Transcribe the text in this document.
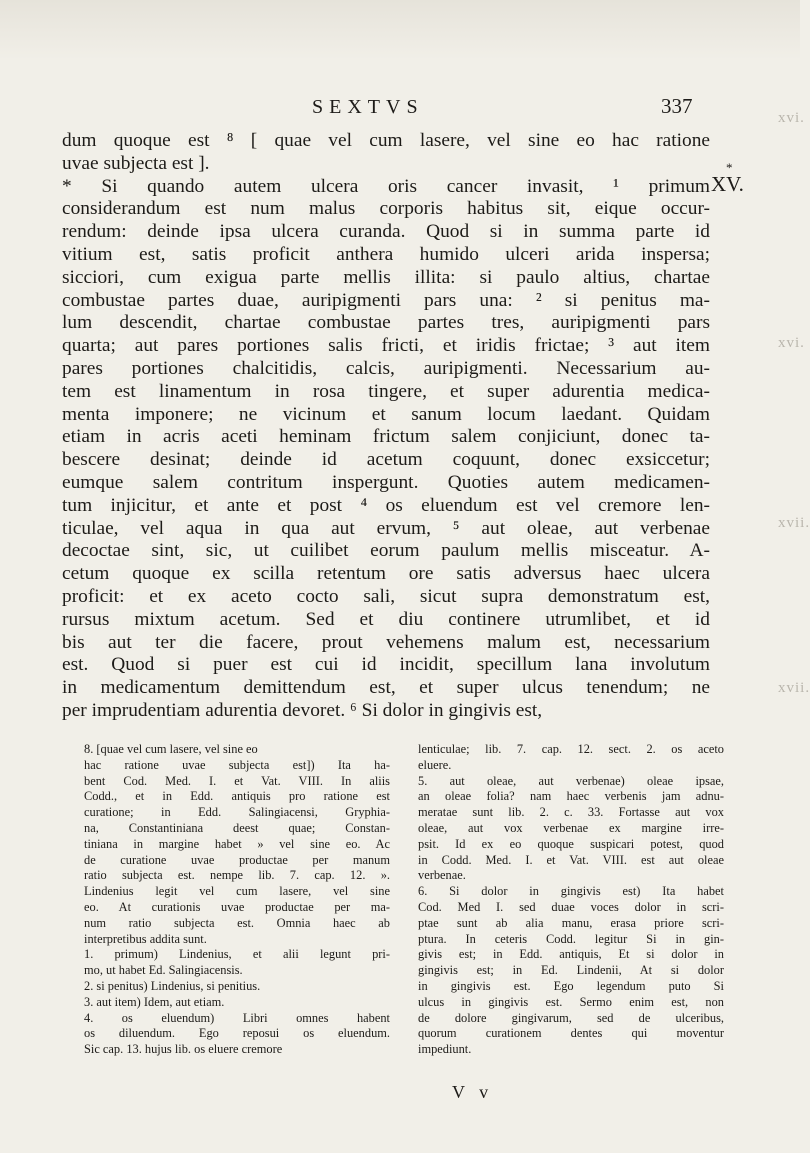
xvi.
xvi.
xvii.
xvii.
SEXTVS	337
*
XV.
dum quoque est ⁸ [ quae vel cum lasere, vel sine eo hac ratione
uvae subjecta est ].
* Si quando autem ulcera oris cancer invasit, ¹ primum
considerandum est num malus corporis habitus sit, eique occur-
rendum: deinde ipsa ulcera curanda. Quod si in summa parte id
vitium est, satis proficit anthera humido ulceri arida inspersa;
sicciori, cum exigua parte mellis illita: si paulo altius, chartae
combustae partes duae, auripigmenti pars una: ² si penitus ma-
lum descendit, chartae combustae partes tres, auripigmenti pars
quarta; aut pares portiones salis fricti, et iridis frictae; ³ aut item
pares portiones chalcitidis, calcis, auripigmenti. Necessarium au-
tem est linamentum in rosa tingere, et super adurentia medica-
menta imponere; ne vicinum et sanum locum laedant. Quidam
etiam in acris aceti heminam frictum salem conjiciunt, donec ta-
bescere desinat; deinde id acetum coquunt, donec exsiccetur;
eumque salem contritum inspergunt. Quoties autem medicamen-
tum injicitur, et ante et post ⁴ os eluendum est vel cremore len-
ticulae, vel aqua in qua aut ervum, ⁵ aut oleae, aut verbenae
decoctae sint, sic, ut cuilibet eorum paulum mellis misceatur. A-
cetum quoque ex scilla retentum ore satis adversus haec ulcera
proficit: et ex aceto cocto sali, sicut supra demonstratum est,
rursus mixtum acetum. Sed et diu continere utrumlibet, et id
bis aut ter die facere, prout vehemens malum est, necessarium
est. Quod si puer est cui id incidit, specillum lana involutum
in medicamentum demittendum est, et super ulcus tenendum; ne
per imprudentiam adurentia devoret. ⁶ Si dolor in gingivis est,
8. [quae vel cum lasere, vel sine eo
hac ratione uvae subjecta est]) Ita ha-
bent Cod. Med. I. et Vat. VIII. In aliis
Codd., et in Edd. antiquis pro ratione est
curatione; in Edd. Salingiacensi, Gryphia-
na, Constantiniana deest quae; Constan-
tiniana in margine habet » vel sine eo. Ac
de curatione uvae productae per manum
ratio subjecta est. nempe lib. 7. cap. 12. ».
Lindenius legit vel cum lasere, vel sine
eo. At curationis uvae productae per ma-
num ratio subjecta est. Omnia haec ab
interpretibus addita sunt.
1. primum) Lindenius, et alii legunt pri-
mo, ut habet Ed. Salingiacensis.
2. si penitus) Lindenius, si penitius.
3. aut item) Idem, aut etiam.
4. os eluendum) Libri omnes habent
os diluendum. Ego reposui os eluendum.
Sic cap. 13. hujus lib. os eluere cremore
lenticulae; lib. 7. cap. 12. sect. 2. os aceto
eluere.
5. aut oleae, aut verbenae) oleae ipsae,
an oleae folia? nam haec verbenis jam adnu-
meratae sunt lib. 2. c. 33. Fortasse aut vox
oleae, aut vox verbenae ex margine irre-
psit. Id ex eo quoque suspicari potest, quod
in Codd. Med. I. et Vat. VIII. est aut oleae
verbenae.
6. Si dolor in gingivis est) Ita habet
Cod. Med I. sed duae voces dolor in scri-
ptae sunt ab alia manu, erasa priore scri-
ptura. In ceteris Codd. legitur Si in gin-
givis est; in Edd. antiquis, Et si dolor in
gingivis est; in Ed. Lindenii, At si dolor
in gingivis est. Ego legendum puto Si
ulcus in gingivis est. Sermo enim est, non
de dolore gingivarum, sed de ulceribus,
quorum curationem dentes qui moventur
impediunt.
V v
